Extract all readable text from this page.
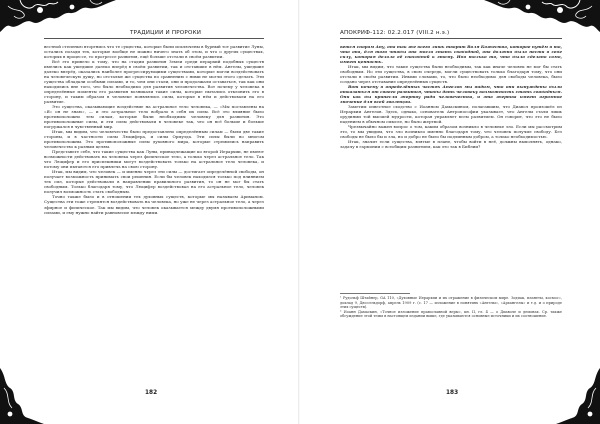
ТРАДИЦИИ И ПРОРОКИ

вестной степенью вторгнись что те существа, которые были исключены в бурный тот развитие Луны, остались позади тех, которые вообще не можно ничего знать об этом, и что о других существах, которых в процессе, то прогрессе развития, ещё больше отстали в своём развитии.

Всё это привело к тому, что на стадии развития Земли среди иерархий подобных существ имелись как ушедшие далеко вперёд в своём развитии, так и отставшие в нём. Ангелы, ушедшие далеко вперёд, оказались наиболее прогрессирующими существами, которые могли воздействовать на человеческую душу, но отсталые же существа по сравнению с ними не могли этого сделать. Эти существа обладали особыми силами, и то, чем они стали, они и продолжали оставаться, так как они находились вне того, что было необходимо для развития человечества. Вот почему у человека в определённые моменты его развития возникали такие силы, которые пытались отклонить его в сторону, и таким образом в человеке появлялись силы, которые в нём и действовали на его развитие.

Это существа, оказывающие воздействие на астральное тело человека, — «Мы поставлены на «Я» он не знаю», — и это астральное тело вобрало в себя их силы. Всё это влияние было противоположно тем силам, которые были необходимы человеку для развития. Это противоположные силы, и эти силы действовали в человеке так, что он всё больше и больше погружался в чувственный мир.

Итак, мы видим, что человечество было предоставлено определённым силам — были две такие стороны, и в частности силы Люцифера, и силы Ормузда. Эти силы были во многом противоположны. Это противоположные силы духовного мира, которые стремились направить человечество к разным целям.

Представьте себе, что такие существа как Луны, принадлежащие ко второй Иерархии, не имеют возможности действовать на человека через физическое тело, а только через астральное тело. Так что Люцифер и его приспешники могут воздействовать только на астральное тело человека, и потому они пытаются его привлечь на свою сторону.

Итак, мы видим, что человек — и именно через эти силы — достигает определённой свободы, он получает возможность принимать свои решения. Если бы человек находился только под влиянием тех сил, которые действовали в направлении правильного развития, то он не мог бы стать свободным. Только благодаря тому, что Люцифер воздействовал на его астральное тело, человек получил возможность стать свободным.

Точно также было и в отношении тех духовных существ, которые мы называем Ариманом. Существа эти тоже стремятся воздействовать на человека, но уже не через астральное тело, а через эфирное и физическое. Так мы видим, что человек оказывается между двумя противоположными силами, и ему нужно найти равновесие между ними.

182
АПОКРИФ-112: 02.2.017 (VIII.2 н.э.)

вется спорам Ану, она так же всего лишь творит Воля Божества, которое путём в то, что она, для того чтобы она могла стать свободной, она должна была нести в себе силу, которая делала её способной к этому. Ибо только то, что было сделано само, имеет ценность.

Итак, мы видим, что такие существа были необходимы, так как иначе человек не мог бы стать свободным. Но эти существа, в свою очередь, могли существовать только благодаря тому, что они отстали в своём развитии. Иными словами, то, что было необходимо для свободы человека, было создано через отставание определённых существ.

Вот почему в определённых частях Ангелов мы видим, что они вынуждены были отказаться от своего развития, чтобы дать человеку возможность стать свободным. Они как бы принесли жертву ради человечества, и эта жертва имеет огромное значение для всей эволюции.

Заметим известное сходство с Иоанном Дамаскином, полагавшим, что Диавол произошёл из Иерархии Ангелов. Здесь, однако, основатель Антропософии указывает, что Ангелы стали лишь орудиями той высшей мудрости, которая управляет всем развитием. Он говорит, что это не было падением в обычном смысле, но было жертвой.

Чрезвычайно важен вопрос о том, каким образом возникло в человеке зло. Если мы рассмотрим это, то мы увидим, что зло возникло именно благодаря тому, что человек получил свободу. Без свободы не было бы и зла, но и добро не было бы подлинным добром, а только необходимостью.

Итак, значит если существа, взятые в плане, чтобы войти в неё, должны выполнять, однако, задачу в гармонии с всеобщим развитием, как это так в Библии?

¹ Рудольф Штайнер, GA 110, «Духовные Иерархии и их отражение в физическом мире. Зодиак, планеты, космос», доклад 9, Дюссельдорф, апрель 1909 г. (с. 17 — изложение в понятиях «Ангелы», «Архангелы» и т.д. и о природе этих существ).

² Иоанн Дамаскин, «Точное изложение православной веры», кн. II, гл. 4 — о Диаволе и демонах. Ср. также обсуждение этой темы в настоящем издании выше, где указываются основные источники и их соотношение.

183
